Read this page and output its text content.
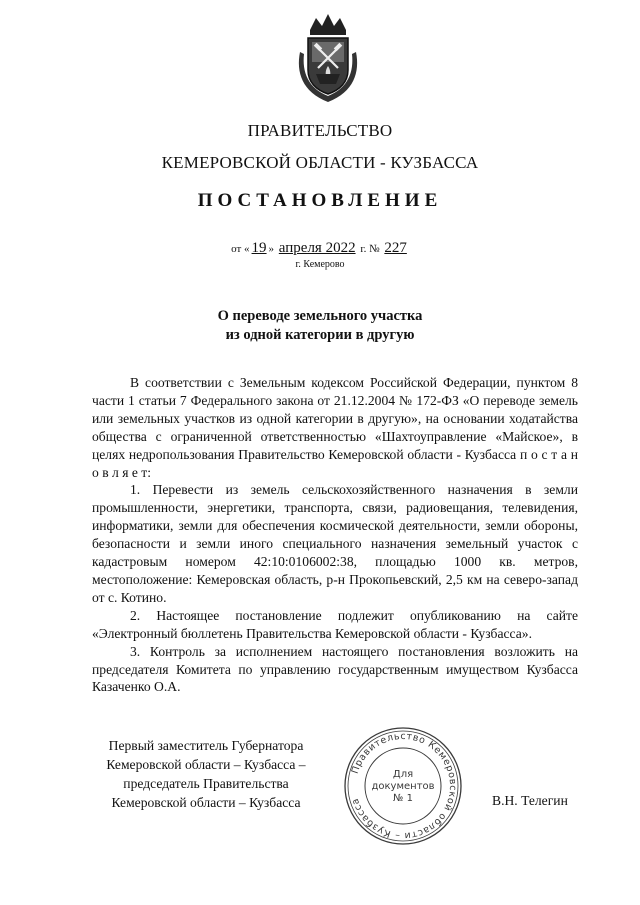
ПРАВИТЕЛЬСТВО
КЕМЕРОВСКОЙ ОБЛАСТИ - КУЗБАССА
ПОСТАНОВЛЕНИЕ
от « 19 » апреля 2022 г. № 227
г. Кемерово
О переводе земельного участка
из одной категории в другую

В соответствии с Земельным кодексом Российской Федерации, пунктом 8 части 1 статьи 7 Федерального закона от 21.12.2004 № 172-ФЗ «О переводе земель или земельных участков из одной категории в другую», на основании ходатайства общества с ограниченной ответственностью «Шахтоуправление «Майское», в целях недропользования Правительство Кемеровской области - Кузбасса п о с т а н о в л я е т:

1. Перевести из земель сельскохозяйственного назначения в земли промышленности, энергетики, транспорта, связи, радиовещания, телевидения, информатики, земли для обеспечения космической деятельности, земли обороны, безопасности и земли иного специального назначения земельный участок с кадастровым номером 42:10:0106002:38, площадью 1000 кв. метров, местоположение: Кемеровская область, р-н Прокопьевский, 2,5 км на северо-запад от с. Котино.

2. Настоящее постановление подлежит опубликованию на сайте «Электронный бюллетень Правительства Кемеровской области - Кузбасса».

3. Контроль за исполнением настоящего постановления возложить на председателя Комитета по управлению государственным имуществом Кузбасса Казаченко О.А.

Первый заместитель Губернатора
Кемеровской области – Кузбасса –
председатель Правительства
Кемеровской области – Кузбасса
Правительство Кемеровской области – Кузбасса
Для
документов
№ 1	В.Н. Телегин
